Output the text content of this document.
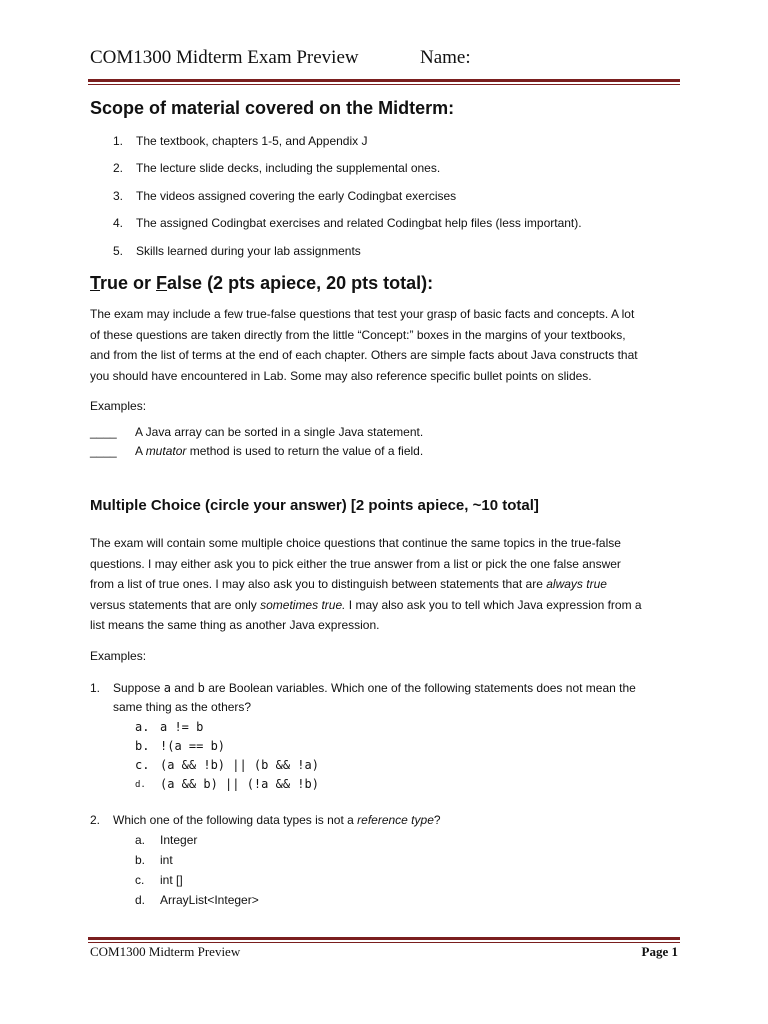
COM1300 Midterm Exam Preview	Name:
Scope of material covered on the Midterm:
1. The textbook, chapters 1-5, and Appendix J
2. The lecture slide decks, including the supplemental ones.
3. The videos assigned covering the early Codingbat exercises
4. The assigned Codingbat exercises and related Codingbat help files (less important).
5. Skills learned during your lab assignments
True or False (2 pts apiece, 20 pts total):
The exam may include a few true-false questions that test your grasp of basic facts and concepts. A lot
of these questions are taken directly from the little “Concept:” boxes in the margins of your textbooks,
and from the list of terms at the end of each chapter. Others are simple facts about Java constructs that
you should have encountered in Lab. Some may also reference specific bullet points on slides.
Examples:
____ A Java array can be sorted in a single Java statement.
____ A mutator method is used to return the value of a field.
Multiple Choice (circle your answer) [2 points apiece, ~10 total]
The exam will contain some multiple choice questions that continue the same topics in the true-false
questions. I may either ask you to pick either the true answer from a list or pick the one false answer
from a list of true ones. I may also ask you to distinguish between statements that are always true
versus statements that are only sometimes true. I may also ask you to tell which Java expression from a
list means the same thing as another Java expression.
Examples:
1. Suppose a and b are Boolean variables. Which one of the following statements does not mean the
same thing as the others?
a. a != b
b. !(a == b)
c. (a && !b) || (b && !a)
d. (a && b) || (!a && !b)
2. Which one of the following data types is not a reference type?
a. Integer
b. int
c. int []
d. ArrayList<Integer>
COM1300 Midterm Preview	Page 1
